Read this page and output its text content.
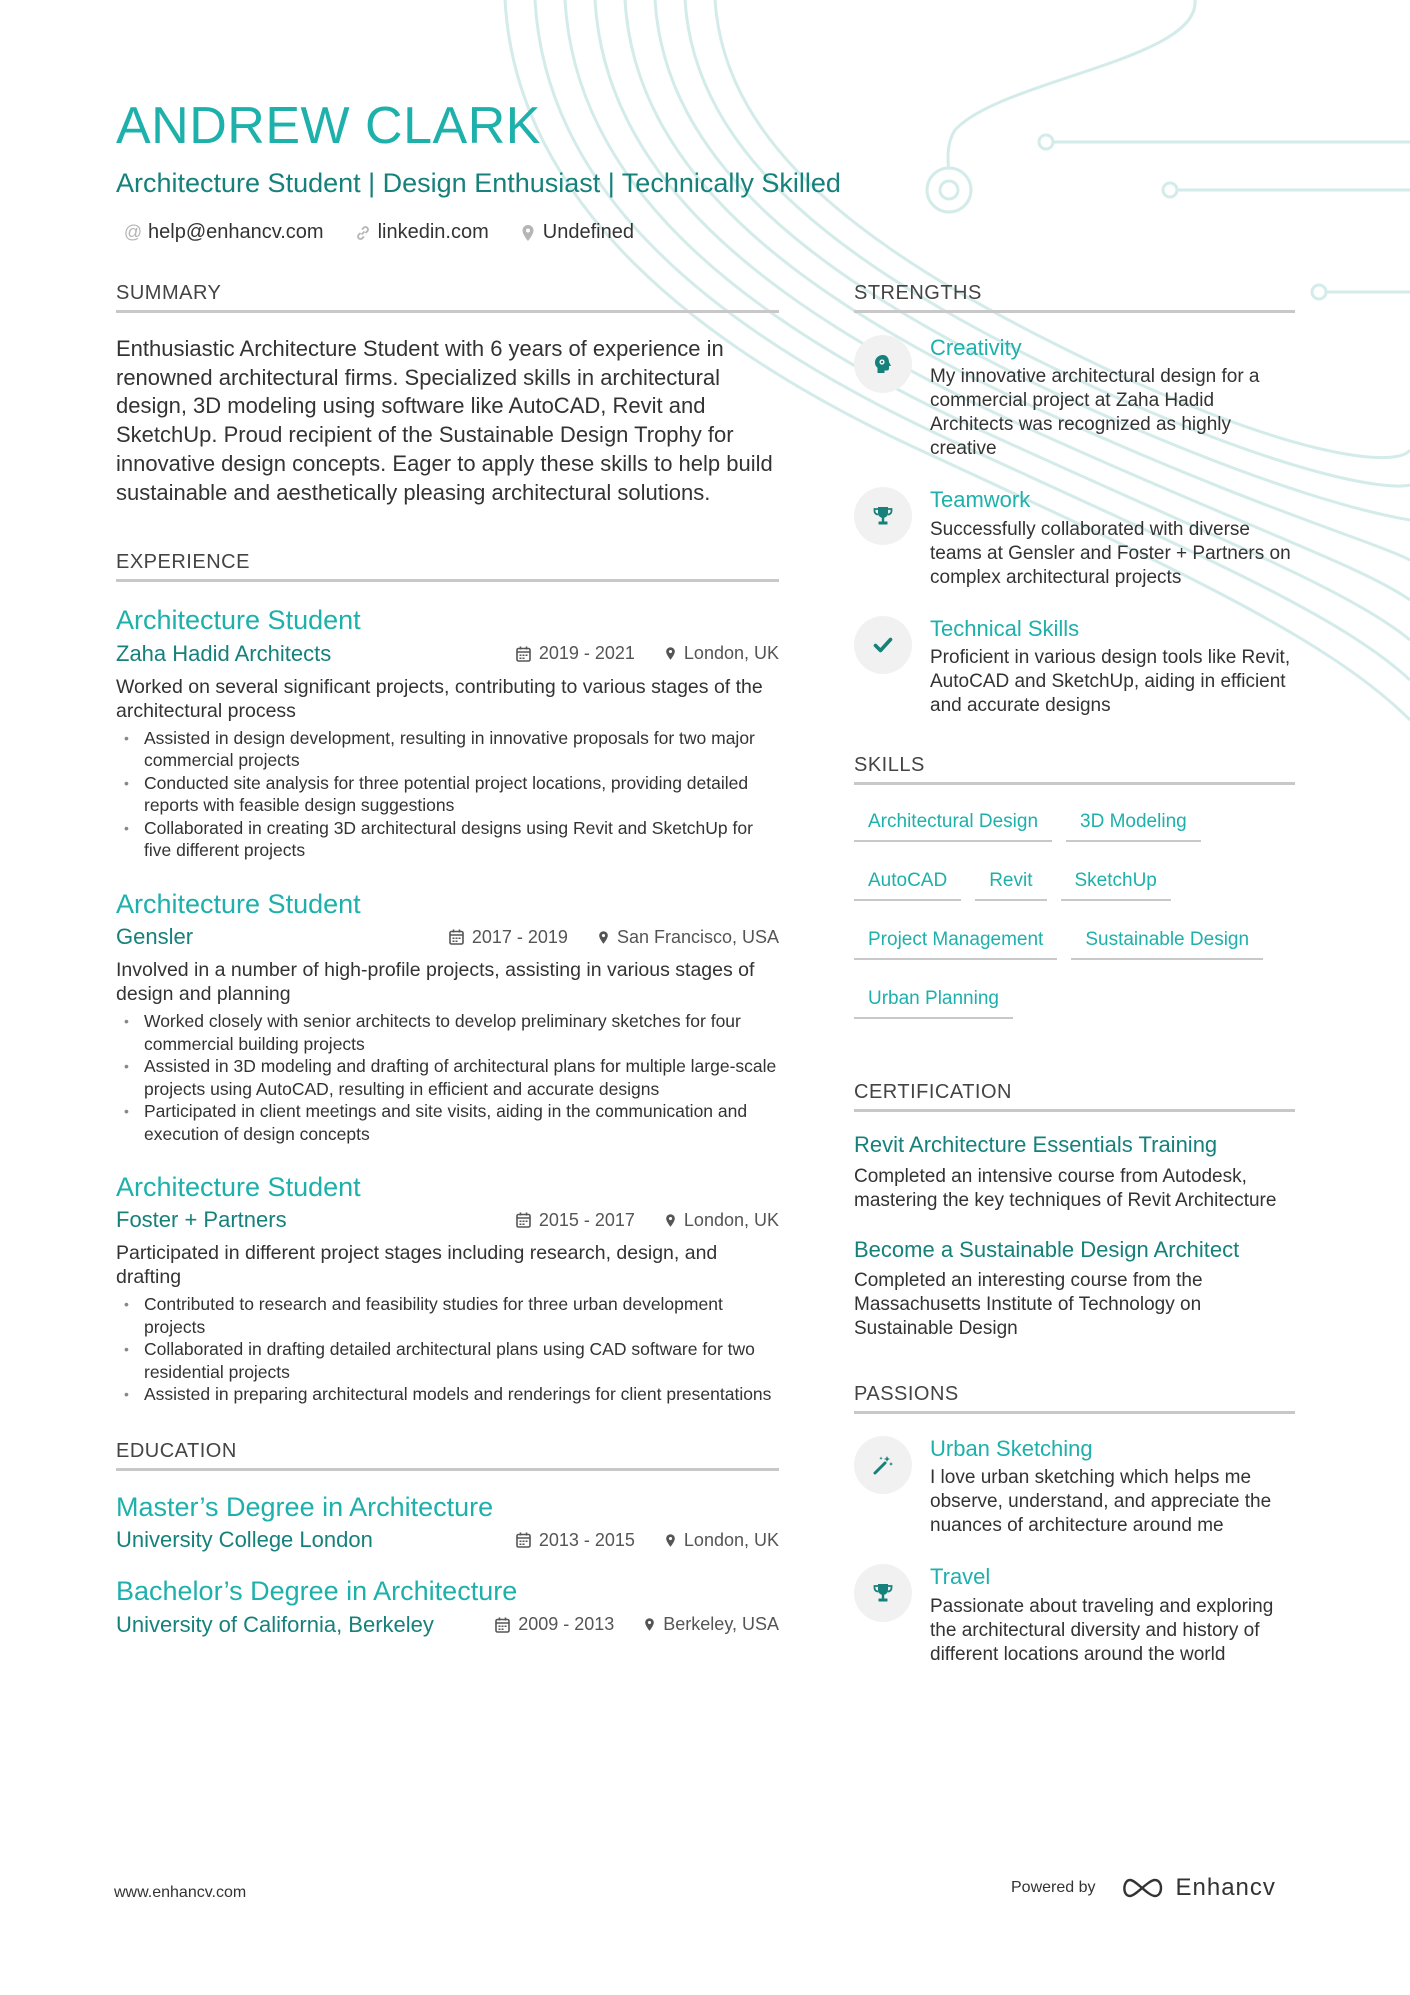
ANDREW CLARK
Architecture Student | Design Enthusiast | Technically Skilled
@ help@enhancv.com	linkedin.com	Undefined
SUMMARY
Enthusiastic Architecture Student with 6 years of experience in renowned architectural firms. Specialized skills in architectural design, 3D modeling using software like AutoCAD, Revit and SketchUp. Proud recipient of the Sustainable Design Trophy for innovative design concepts. Eager to apply these skills to help build sustainable and aesthetically pleasing architectural solutions.
EXPERIENCE
Architecture Student
Zaha Hadid Architects	2019 - 2021	London, UK
Worked on several significant projects, contributing to various stages of the architectural process
• Assisted in design development, resulting in innovative proposals for two major commercial projects
• Conducted site analysis for three potential project locations, providing detailed reports with feasible design suggestions
• Collaborated in creating 3D architectural designs using Revit and SketchUp for five different projects
Architecture Student
Gensler	2017 - 2019	San Francisco, USA
Involved in a number of high-profile projects, assisting in various stages of design and planning
• Worked closely with senior architects to develop preliminary sketches for four commercial building projects
• Assisted in 3D modeling and drafting of architectural plans for multiple large-scale projects using AutoCAD, resulting in efficient and accurate designs
• Participated in client meetings and site visits, aiding in the communication and execution of design concepts
Architecture Student
Foster + Partners	2015 - 2017	London, UK
Participated in different project stages including research, design, and drafting
• Contributed to research and feasibility studies for three urban development projects
• Collaborated in drafting detailed architectural plans using CAD software for two residential projects
• Assisted in preparing architectural models and renderings for client presentations
EDUCATION
Master’s Degree in Architecture
University College London	2013 - 2015	London, UK
Bachelor’s Degree in Architecture
University of California, Berkeley	2009 - 2013	Berkeley, USA
STRENGTHS
Creativity
My innovative architectural design for a commercial project at Zaha Hadid Architects was recognized as highly creative
Teamwork
Successfully collaborated with diverse teams at Gensler and Foster + Partners on complex architectural projects
Technical Skills
Proficient in various design tools like Revit, AutoCAD and SketchUp, aiding in efficient and accurate designs
SKILLS
Architectural Design	3D Modeling
AutoCAD	Revit	SketchUp
Project Management	Sustainable Design
Urban Planning
CERTIFICATION
Revit Architecture Essentials Training
Completed an intensive course from Autodesk, mastering the key techniques of Revit Architecture
Become a Sustainable Design Architect
Completed an interesting course from the Massachusetts Institute of Technology on Sustainable Design
PASSIONS
Urban Sketching
I love urban sketching which helps me observe, understand, and appreciate the nuances of architecture around me
Travel
Passionate about traveling and exploring the architectural diversity and history of different locations around the world
www.enhancv.com	Powered by	Enhancv
